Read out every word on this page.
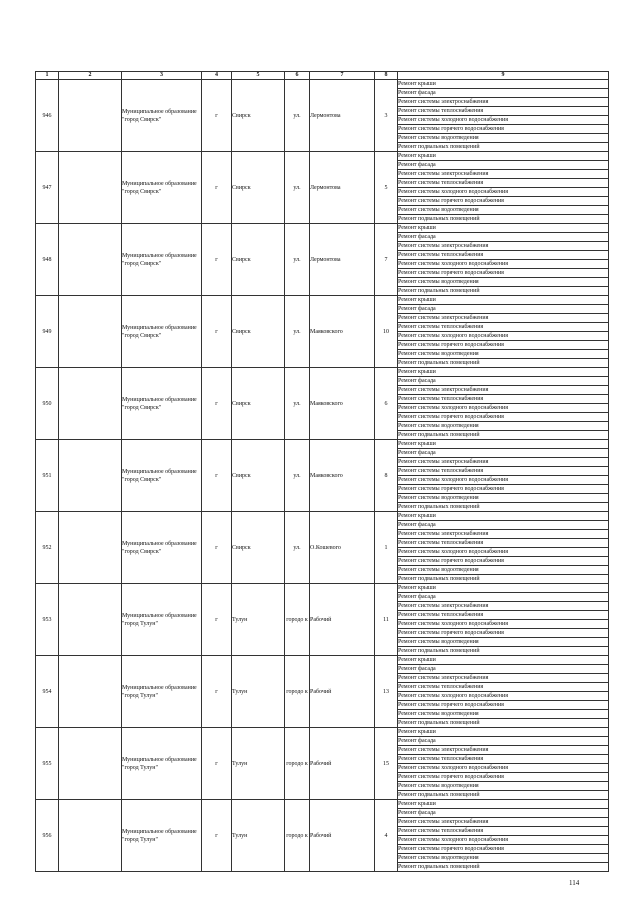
1	2	3	4	5	6	7	8	9
946		Муниципальное образование "город Свирск"	г	Свирск	ул.	Лермонтова	3	Ремонт крыши
								Ремонт фасада
								Ремонт системы электроснабжения
								Ремонт системы теплоснабжения
								Ремонт системы холодного водоснабжения
								Ремонт системы горячего водоснабжения
								Ремонт системы водоотведения
								Ремонт подвальных помещений
947		Муниципальное образование "город Свирск"	г	Свирск	ул.	Лермонтова	5	Ремонт крыши
								Ремонт фасада
								Ремонт системы электроснабжения
								Ремонт системы теплоснабжения
								Ремонт системы холодного водоснабжения
								Ремонт системы горячего водоснабжения
								Ремонт системы водоотведения
								Ремонт подвальных помещений
948		Муниципальное образование "город Свирск"	г	Свирск	ул.	Лермонтова	7	Ремонт крыши
								Ремонт фасада
								Ремонт системы электроснабжения
								Ремонт системы теплоснабжения
								Ремонт системы холодного водоснабжения
								Ремонт системы горячего водоснабжения
								Ремонт системы водоотведения
								Ремонт подвальных помещений
949		Муниципальное образование "город Свирск"	г	Свирск	ул.	Маяковского	10	Ремонт крыши
								Ремонт фасада
								Ремонт системы электроснабжения
								Ремонт системы теплоснабжения
								Ремонт системы холодного водоснабжения
								Ремонт системы горячего водоснабжения
								Ремонт системы водоотведения
								Ремонт подвальных помещений
950		Муниципальное образование "город Свирск"	г	Свирск	ул.	Маяковского	6	Ремонт крыши
								Ремонт фасада
								Ремонт системы электроснабжения
								Ремонт системы теплоснабжения
								Ремонт системы холодного водоснабжения
								Ремонт системы горячего водоснабжения
								Ремонт системы водоотведения
								Ремонт подвальных помещений
951		Муниципальное образование "город Свирск"	г	Свирск	ул.	Маяковского	8	Ремонт крыши
								Ремонт фасада
								Ремонт системы электроснабжения
								Ремонт системы теплоснабжения
								Ремонт системы холодного водоснабжения
								Ремонт системы горячего водоснабжения
								Ремонт системы водоотведения
								Ремонт подвальных помещений
952		Муниципальное образование "город Свирск"	г	Свирск	ул.	О.Кошевого	1	Ремонт крыши
								Ремонт фасада
								Ремонт системы электроснабжения
								Ремонт системы теплоснабжения
								Ремонт системы холодного водоснабжения
								Ремонт системы горячего водоснабжения
								Ремонт системы водоотведения
								Ремонт подвальных помещений
953		Муниципальное образование "город Тулун"	г	Тулун	городо к	Рабочий	11	Ремонт крыши
								Ремонт фасада
								Ремонт системы электроснабжения
								Ремонт системы теплоснабжения
								Ремонт системы холодного водоснабжения
								Ремонт системы горячего водоснабжения
								Ремонт системы водоотведения
								Ремонт подвальных помещений
954		Муниципальное образование "город Тулун"	г	Тулун	городо к	Рабочий	13	Ремонт крыши
								Ремонт фасада
								Ремонт системы электроснабжения
								Ремонт системы теплоснабжения
								Ремонт системы холодного водоснабжения
								Ремонт системы горячего водоснабжения
								Ремонт системы водоотведения
								Ремонт подвальных помещений
955		Муниципальное образование "город Тулун"	г	Тулун	городо к	Рабочий	15	Ремонт крыши
								Ремонт фасада
								Ремонт системы электроснабжения
								Ремонт системы теплоснабжения
								Ремонт системы холодного водоснабжения
								Ремонт системы горячего водоснабжения
								Ремонт системы водоотведения
								Ремонт подвальных помещений
956		Муниципальное образование "город Тулун"	г	Тулун	городо к	Рабочий	4	Ремонт крыши
								Ремонт фасада
								Ремонт системы электроснабжения
								Ремонт системы теплоснабжения
								Ремонт системы холодного водоснабжения
								Ремонт системы горячего водоснабжения
								Ремонт системы водоотведения
								Ремонт подвальных помещений
114
